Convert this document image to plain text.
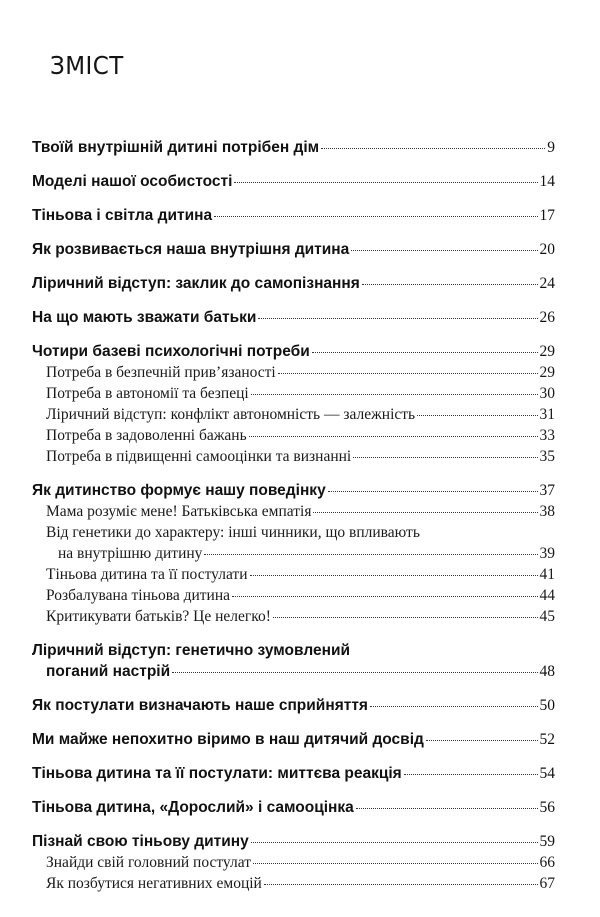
ЗМІСТ
Твоїй внутрішній дитині потрібен дім	9
Моделі нашої особистості	14
Тіньова і світла дитина	17
Як розвивається наша внутрішня дитина	20
Ліричний відступ: заклик до самопізнання	24
На що мають зважати батьки	26
Чотири базеві психологічні потреби	29
Потреба в безпечній прив’язаності	29
Потреба в автономії та безпеці	30
Ліричний відступ: конфлікт автономність — залежність	31
Потреба в задоволенні бажань	33
Потреба в підвищенні самооцінки та визнанні	35
Як дитинство формує нашу поведінку	37
Мама розуміє мене! Батьківська емпатія	38
Від генетики до характеру: інші чинники, що впливають
на внутрішню дитину	39
Тіньова дитина та її постулати	41
Розбалувана тіньова дитина	44
Критикувати батьків? Це нелегко!	45
Ліричний відступ: генетично зумовлений
поганий настрій	48
Як постулати визначають наше сприйняття	50
Ми майже непохитно віримо в наш дитячий досвід	52
Тіньова дитина та її постулати: миттєва реакція	54
Тіньова дитина, «Дорослий» і самооцінка	56
Пізнай свою тіньову дитину	59
Знайди свій головний постулат	66
Як позбутися негативних емоцій	67
